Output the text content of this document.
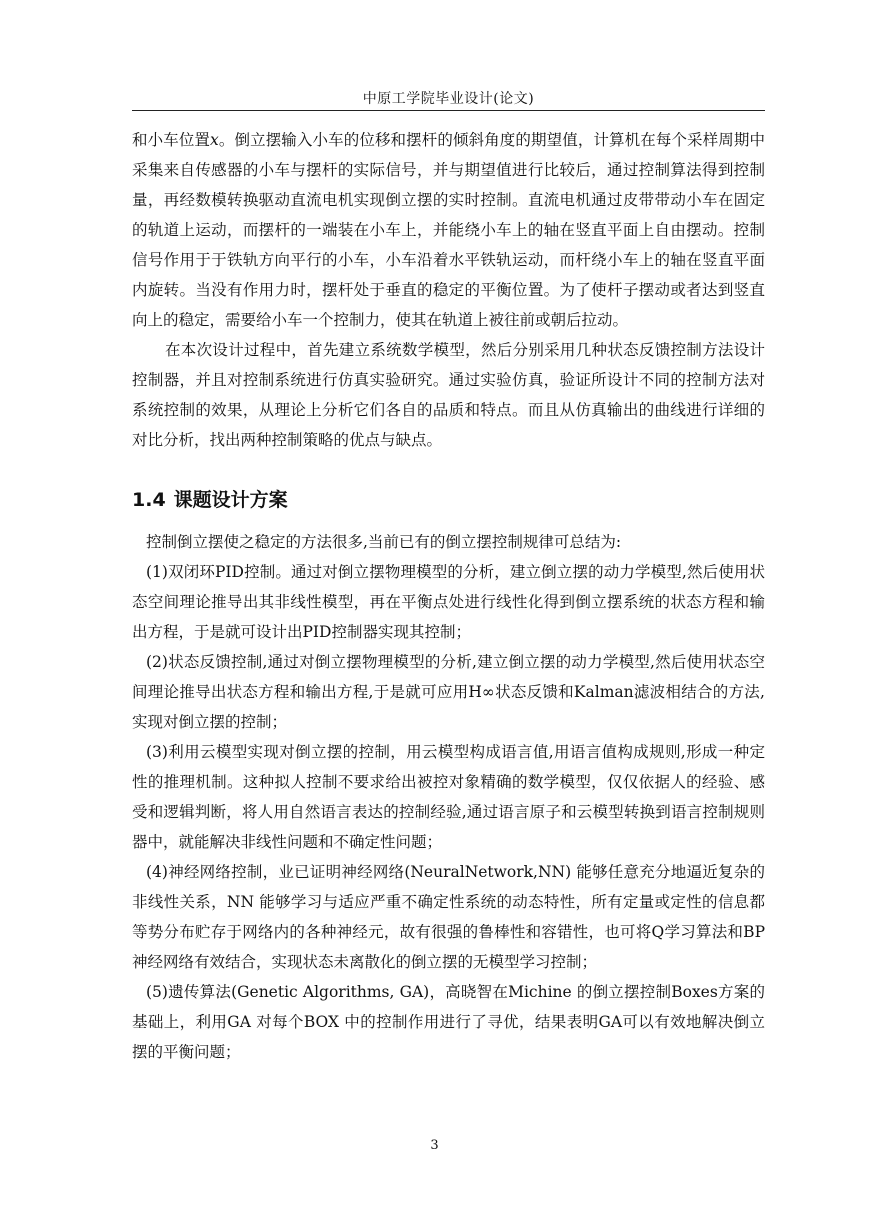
中原工学院毕业设计(论文)

和小车位置x。倒立摆输入小车的位移和摆杆的倾斜角度的期望值，计算机在每个采样周期中采集来自传感器的小车与摆杆的实际信号，并与期望值进行比较后，通过控制算法得到控制量，再经数模转换驱动直流电机实现倒立摆的实时控制。直流电机通过皮带带动小车在固定的轨道上运动，而摆杆的一端装在小车上，并能绕小车上的轴在竖直平面上自由摆动。控制信号作用于于铁轨方向平行的小车，小车沿着水平铁轨运动，而杆绕小车上的轴在竖直平面内旋转。当没有作用力时，摆杆处于垂直的稳定的平衡位置。为了使杆子摆动或者达到竖直向上的稳定，需要给小车一个控制力，使其在轨道上被往前或朝后拉动。

在本次设计过程中，首先建立系统数学模型，然后分别采用几种状态反馈控制方法设计控制器，并且对控制系统进行仿真实验研究。通过实验仿真，验证所设计不同的控制方法对系统控制的效果，从理论上分析它们各自的品质和特点。而且从仿真输出的曲线进行详细的对比分析，找出两种控制策略的优点与缺点。

1.4 课题设计方案

控制倒立摆使之稳定的方法很多,当前已有的倒立摆控制规律可总结为:

(1)双闭环PID控制。通过对倒立摆物理模型的分析，建立倒立摆的动力学模型,然后使用状态空间理论推导出其非线性模型，再在平衡点处进行线性化得到倒立摆系统的状态方程和输出方程，于是就可设计出PID控制器实现其控制；

(2)状态反馈控制,通过对倒立摆物理模型的分析,建立倒立摆的动力学模型,然后使用状态空间理论推导出状态方程和输出方程,于是就可应用H∞状态反馈和Kalman滤波相结合的方法,实现对倒立摆的控制；

(3)利用云模型实现对倒立摆的控制，用云模型构成语言值,用语言值构成规则,形成一种定性的推理机制。这种拟人控制不要求给出被控对象精确的数学模型，仅仅依据人的经验、感受和逻辑判断，将人用自然语言表达的控制经验,通过语言原子和云模型转换到语言控制规则器中，就能解决非线性问题和不确定性问题；

(4)神经网络控制，业已证明神经网络(NeuralNetwork,NN) 能够任意充分地逼近复杂的非线性关系，NN 能够学习与适应严重不确定性系统的动态特性，所有定量或定性的信息都等势分布贮存于网络内的各种神经元，故有很强的鲁棒性和容错性，也可将Q学习算法和BP神经网络有效结合，实现状态未离散化的倒立摆的无模型学习控制；

(5)遗传算法(Genetic Algorithms, GA)，高晓智在Michine 的倒立摆控制Boxes方案的基础上，利用GA 对每个BOX 中的控制作用进行了寻优，结果表明GA可以有效地解决倒立摆的平衡问题；

3
